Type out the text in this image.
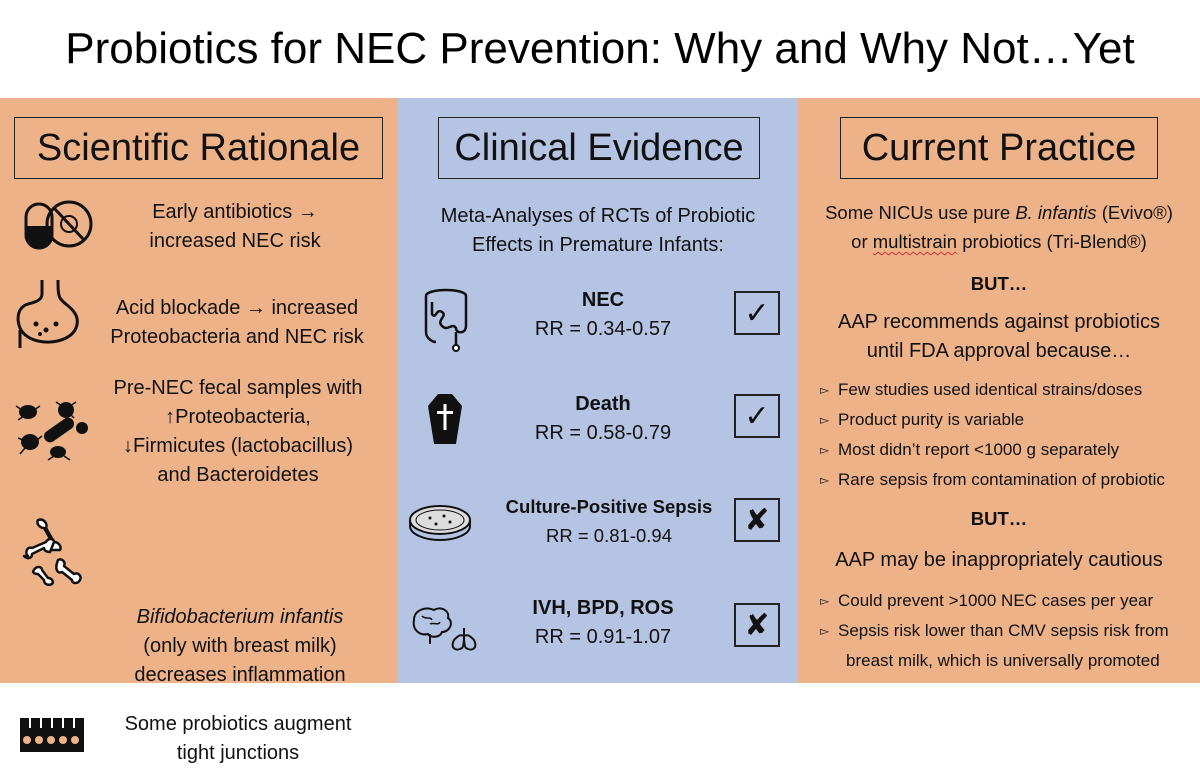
Probiotics for NEC Prevention: Why and Why Not…Yet
Scientific Rationale
Early antibiotics →
increased NEC risk
Acid blockade → increased
Proteobacteria and NEC risk
Pre-NEC fecal samples with
↑Proteobacteria,
↓Firmicutes (lactobacillus)
and Bacteroidetes
Bifidobacterium infantis
(only with breast milk)
decreases inflammation
Some probiotics augment
tight junctions
Clinical Evidence
Meta-Analyses of RCTs of Probiotic
Effects in Premature Infants:
NEC
RR = 0.34-0.57	✓
Death
RR = 0.58-0.79
✓
Culture-Positive Sepsis
RR = 0.81-0.94	✘
IVH, BPD, ROS
RR = 0.91-1.07	✘
Current Practice
Some NICUs use pure B. infantis (Evivo®)
or multistrain probiotics (Tri-Blend®)
BUT…
AAP recommends against probiotics
until FDA approval because…
▻ Few studies used identical strains/doses
▻ Product purity is variable
▻ Most didn’t report <1000 g separately
▻ Rare sepsis from contamination of probiotic
BUT…
AAP may be inappropriately cautious
▻ Could prevent >1000 NEC cases per year
▻ Sepsis risk lower than CMV sepsis risk from
breast milk, which is universally promoted
